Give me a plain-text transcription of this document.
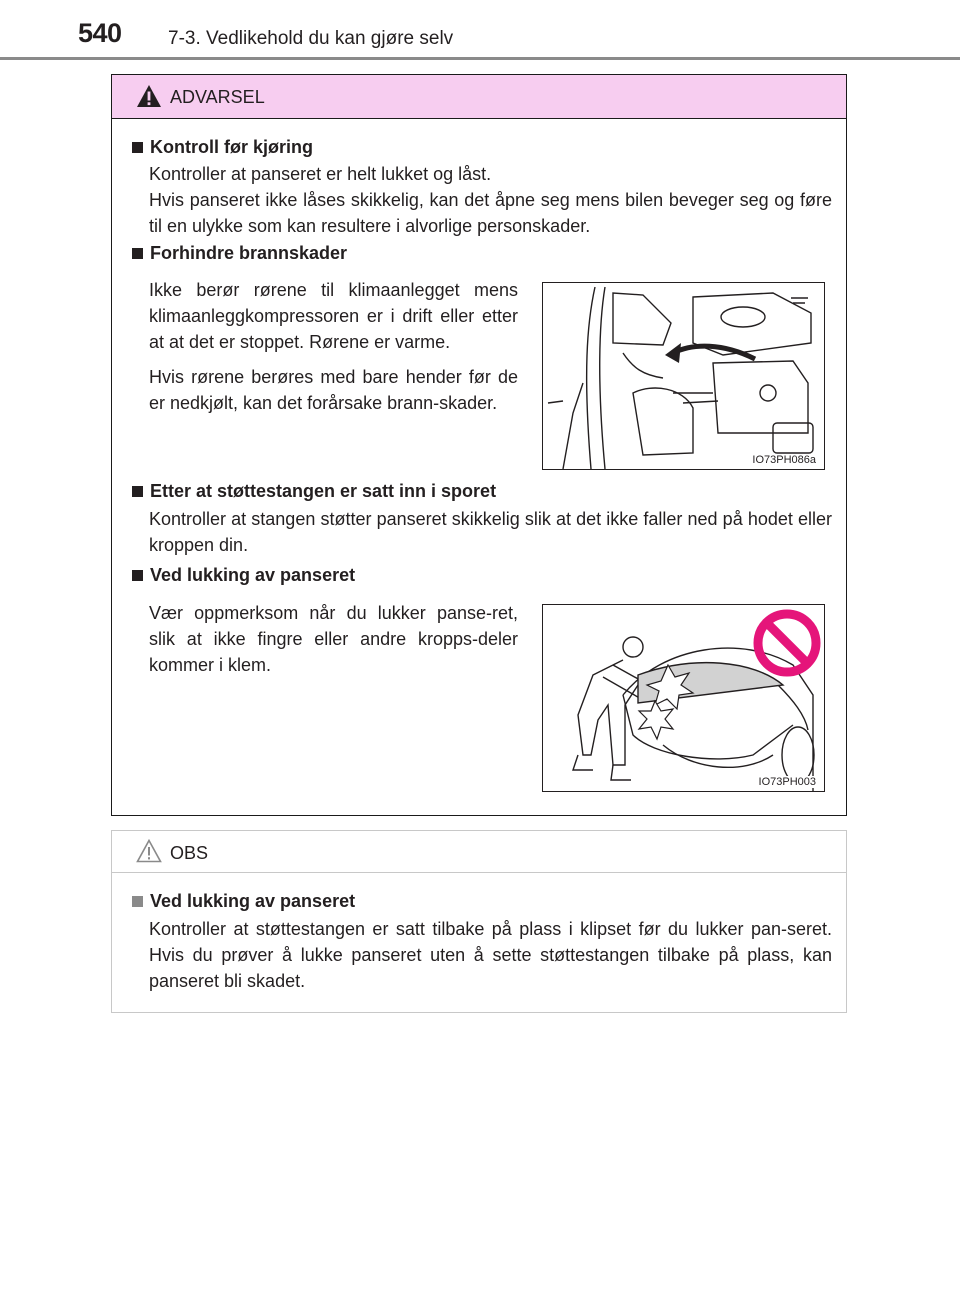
540 7-3. Vedlikehold du kan gjøre selv
ADVARSEL
Kontroll før kjøring

Kontroller at panseret er helt lukket og låst.

Hvis panseret ikke låses skikkelig, kan det åpne seg mens bilen beveger seg og føre til en ulykke som kan resultere i alvorlige personskader.

Forhindre brannskader

Ikke berør rørene til klimaanlegget mens klimaanleggkompressoren er i drift eller etter at at det er stoppet. Rørene er varme.

Hvis rørene berøres med bare hender før de er nedkjølt, kan det forårsake brann-skader.

IO73PH086a
Etter at støttestangen er satt inn i sporet

Kontroller at stangen støtter panseret skikkelig slik at det ikke faller ned på hodet eller kroppen din.

Ved lukking av panseret

Vær oppmerksom når du lukker panse-ret, slik at ikke fingre eller andre kropps-deler kommer i klem.

IO73PH003
OBS
Ved lukking av panseret

Kontroller at støttestangen er satt tilbake på plass i klipset før du lukker pan-seret. Hvis du prøver å lukke panseret uten å sette støttestangen tilbake på plass, kan panseret bli skadet.
